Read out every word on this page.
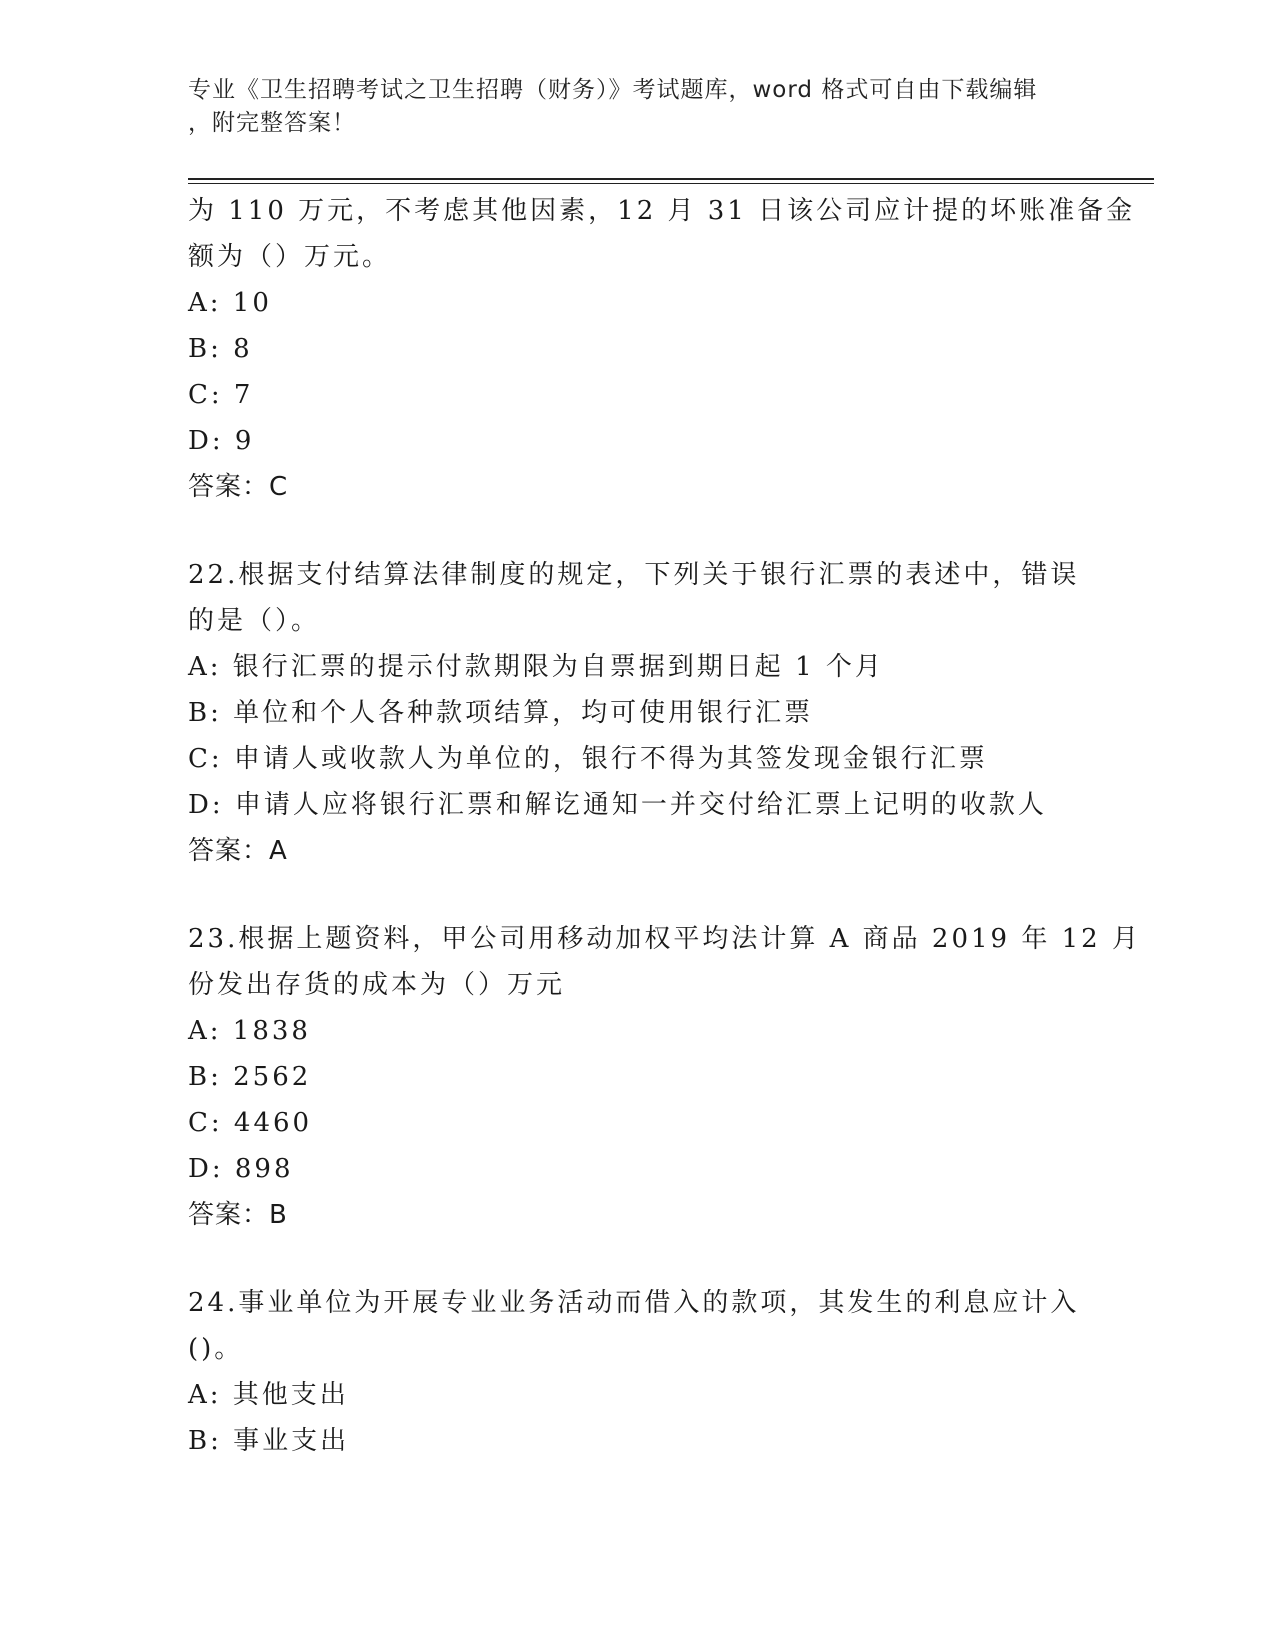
专业《卫生招聘考试之卫生招聘（财务）》考试题库，word 格式可自由下载编辑
，附完整答案！
为 110 万元，不考虑其他因素，12 月 31 日该公司应计提的坏账准备金
额为（）万元。
A: 10
B: 8
C: 7
D: 9
答案：C
22.根据支付结算法律制度的规定，下列关于银行汇票的表述中，错误
的是（）。
A: 银行汇票的提示付款期限为自票据到期日起 1 个月
B: 单位和个人各种款项结算，均可使用银行汇票
C: 申请人或收款人为单位的，银行不得为其签发现金银行汇票
D: 申请人应将银行汇票和解讫通知一并交付给汇票上记明的收款人
答案：A
23.根据上题资料，甲公司用移动加权平均法计算 A 商品 2019 年 12 月
份发出存货的成本为（）万元
A: 1838
B: 2562
C: 4460
D: 898
答案：B
24.事业单位为开展专业业务活动而借入的款项，其发生的利息应计入
()。
A: 其他支出
B: 事业支出
